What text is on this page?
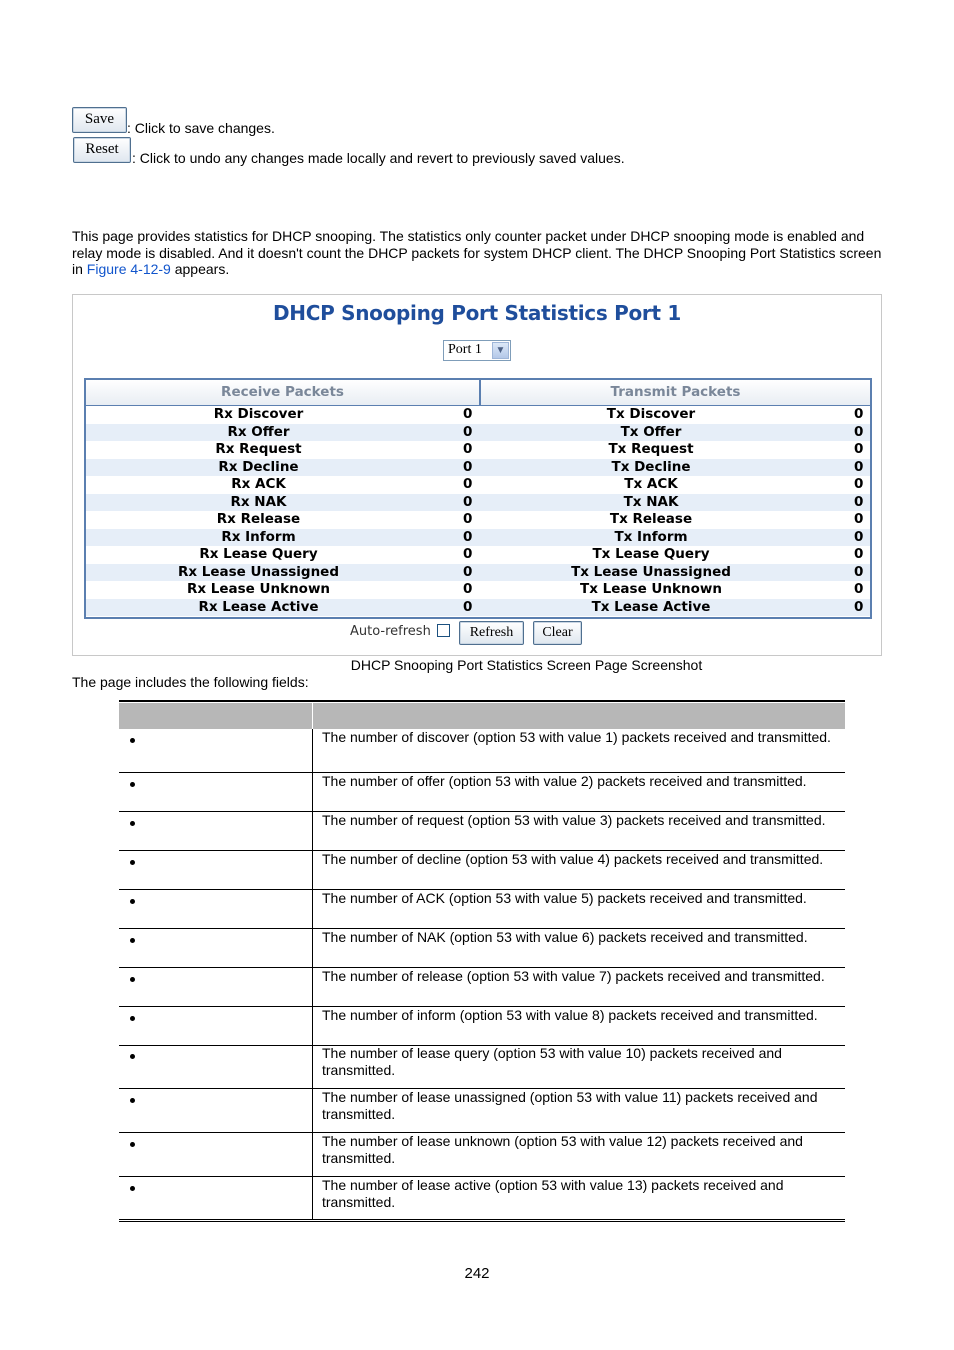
Save
: Click to save changes.
Reset
: Click to undo any changes made locally and revert to previously saved values.
This page provides statistics for DHCP snooping. The statistics only counter packet under DHCP snooping mode is enabled and relay mode is disabled. And it doesn't count the DHCP packets for system DHCP client. The DHCP Snooping Port Statistics screen in Figure 4-12-9 appears.
DHCP Snooping Port Statistics Port 1
Port 1	▼
Receive Packets	Transmit Packets
Rx Discover	0	Tx Discover	0
Rx Offer	0	Tx Offer	0
Rx Request	0	Tx Request	0
Rx Decline	0	Tx Decline	0
Rx ACK	0	Tx ACK	0
Rx NAK	0	Tx NAK	0
Rx Release	0	Tx Release	0
Rx Inform	0	Tx Inform	0
Rx Lease Query	0	Tx Lease Query	0
Rx Lease Unassigned	0	Tx Lease Unassigned	0
Rx Lease Unknown	0	Tx Lease Unknown	0
Rx Lease Active	0	Tx Lease Active	0
Auto-refresh	Refresh	Clear
DHCP Snooping Port Statistics Screen Page Screenshot
The page includes the following fields:
The number of discover (option 53 with value 1) packets received and transmitted.
The number of offer (option 53 with value 2) packets received and transmitted.
The number of request (option 53 with value 3) packets received and transmitted.
The number of decline (option 53 with value 4) packets received and transmitted.
The number of ACK (option 53 with value 5) packets received and transmitted.
The number of NAK (option 53 with value 6) packets received and transmitted.
The number of release (option 53 with value 7) packets received and transmitted.
The number of inform (option 53 with value 8) packets received and transmitted.
The number of lease query (option 53 with value 10) packets received and transmitted.
The number of lease unassigned (option 53 with value 11) packets received and transmitted.
The number of lease unknown (option 53 with value 12) packets received and transmitted.
The number of lease active (option 53 with value 13) packets received and transmitted.
242
